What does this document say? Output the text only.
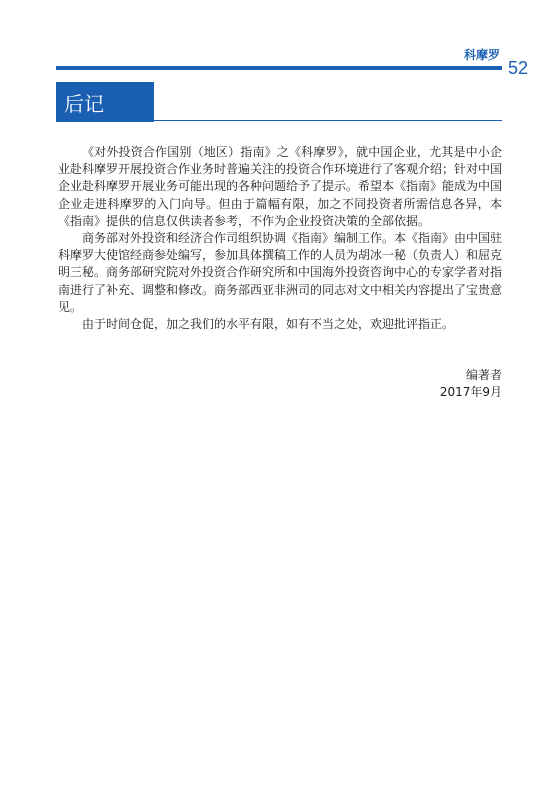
科摩罗
52
后记

《对外投资合作国别（地区）指南》之《科摩罗》，就中国企业，尤其是中小企业赴科摩罗开展投资合作业务时普遍关注的投资合作环境进行了客观介绍；针对中国企业赴科摩罗开展业务可能出现的各种问题给予了提示。希望本《指南》能成为中国企业走进科摩罗的入门向导。但由于篇幅有限，加之不同投资者所需信息各异，本《指南》提供的信息仅供读者参考，不作为企业投资决策的全部依据。

商务部对外投资和经济合作司组织协调《指南》编制工作。本《指南》由中国驻科摩罗大使馆经商参处编写，参加具体撰稿工作的人员为胡冰一秘（负责人）和屈克明三秘。商务部研究院对外投资合作研究所和中国海外投资咨询中心的专家学者对指南进行了补充、调整和修改。商务部西亚非洲司的同志对文中相关内容提出了宝贵意见。

由于时间仓促，加之我们的水平有限，如有不当之处，欢迎批评指正。

编著者
2017年9月
